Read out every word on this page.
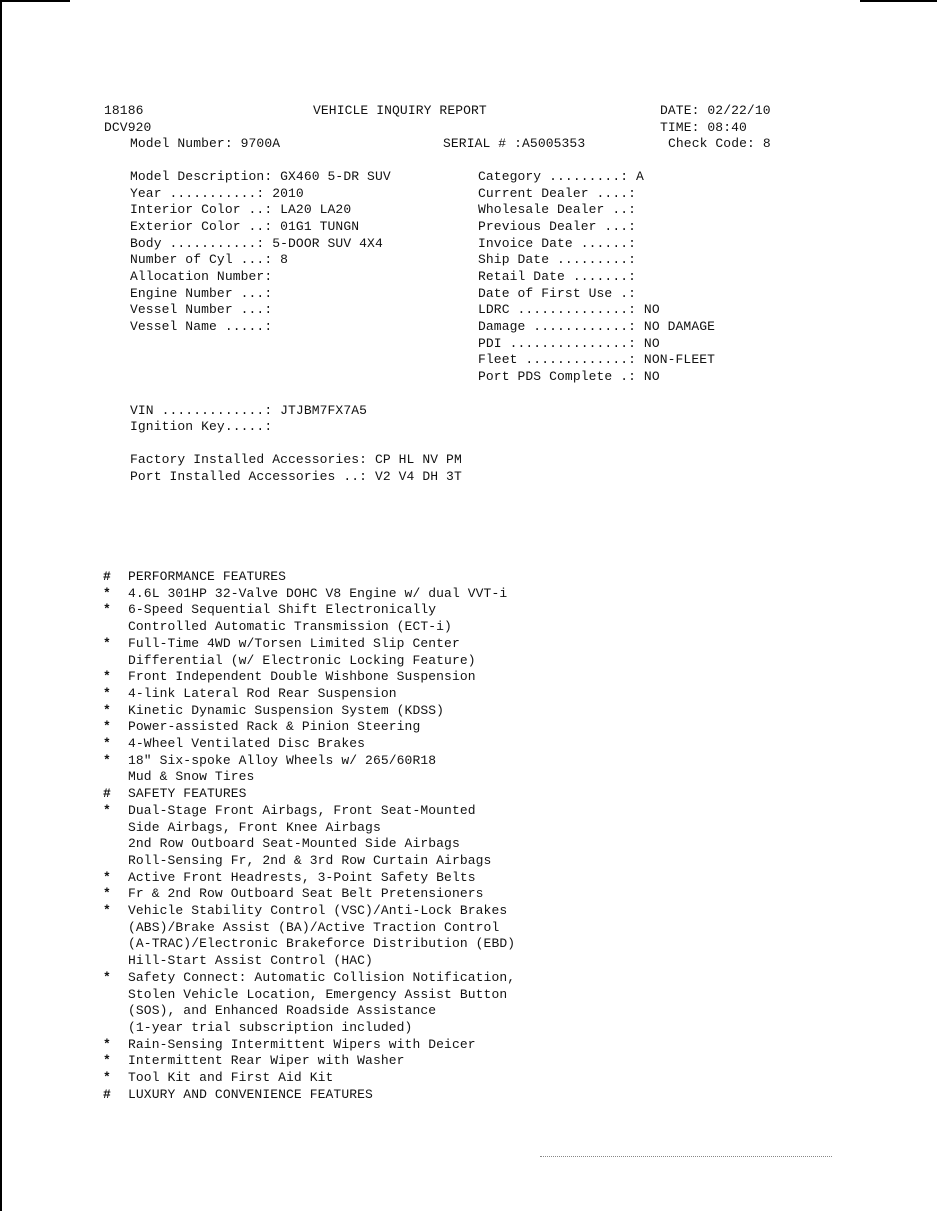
18186
DCV920
VEHICLE INQUIRY REPORT	DATE: 02/22/10
TIME: 08:40
Model Number: 9700A	SERIAL # :A5005353	Check Code: 8
Model Description: GX460 5-DR SUV
Year ...........: 2010
Interior Color ..: LA20 LA20
Exterior Color ..: 01G1 TUNGN
Body ...........: 5-DOOR SUV 4X4
Number of Cyl ...: 8
Allocation Number:
Engine Number ...:
Vessel Number ...:
Vessel Name .....:
Category .........: A
Current Dealer ....:
Wholesale Dealer ..:
Previous Dealer ...:
Invoice Date ......:
Ship Date .........:
Retail Date .......:
Date of First Use .:
LDRC ..............: NO
Damage ............: NO DAMAGE
PDI ...............: NO
Fleet .............: NON-FLEET
Port PDS Complete .: NO
VIN .............: JTJBM7FX7A5
Ignition Key.....:
Factory Installed Accessories: CP HL NV PM
Port Installed Accessories ..: V2 V4 DH 3T
# PERFORMANCE FEATURES
* 4.6L 301HP 32-Valve DOHC V8 Engine w/ dual VVT-i
* 6-Speed Sequential Shift Electronically
Controlled Automatic Transmission (ECT-i)
* Full-Time 4WD w/Torsen Limited Slip Center
Differential (w/ Electronic Locking Feature)
* Front Independent Double Wishbone Suspension
* 4-link Lateral Rod Rear Suspension
* Kinetic Dynamic Suspension System (KDSS)
* Power-assisted Rack & Pinion Steering
* 4-Wheel Ventilated Disc Brakes
* 18" Six-spoke Alloy Wheels w/ 265/60R18
Mud & Snow Tires
# SAFETY FEATURES
* Dual-Stage Front Airbags, Front Seat-Mounted
Side Airbags, Front Knee Airbags
2nd Row Outboard Seat-Mounted Side Airbags
Roll-Sensing Fr, 2nd & 3rd Row Curtain Airbags
* Active Front Headrests, 3-Point Safety Belts
* Fr & 2nd Row Outboard Seat Belt Pretensioners
* Vehicle Stability Control (VSC)/Anti-Lock Brakes
(ABS)/Brake Assist (BA)/Active Traction Control
(A-TRAC)/Electronic Brakeforce Distribution (EBD)
Hill-Start Assist Control (HAC)
* Safety Connect: Automatic Collision Notification,
Stolen Vehicle Location, Emergency Assist Button
(SOS), and Enhanced Roadside Assistance
(1-year trial subscription included)
* Rain-Sensing Intermittent Wipers with Deicer
* Intermittent Rear Wiper with Washer
* Tool Kit and First Aid Kit
# LUXURY AND CONVENIENCE FEATURES
